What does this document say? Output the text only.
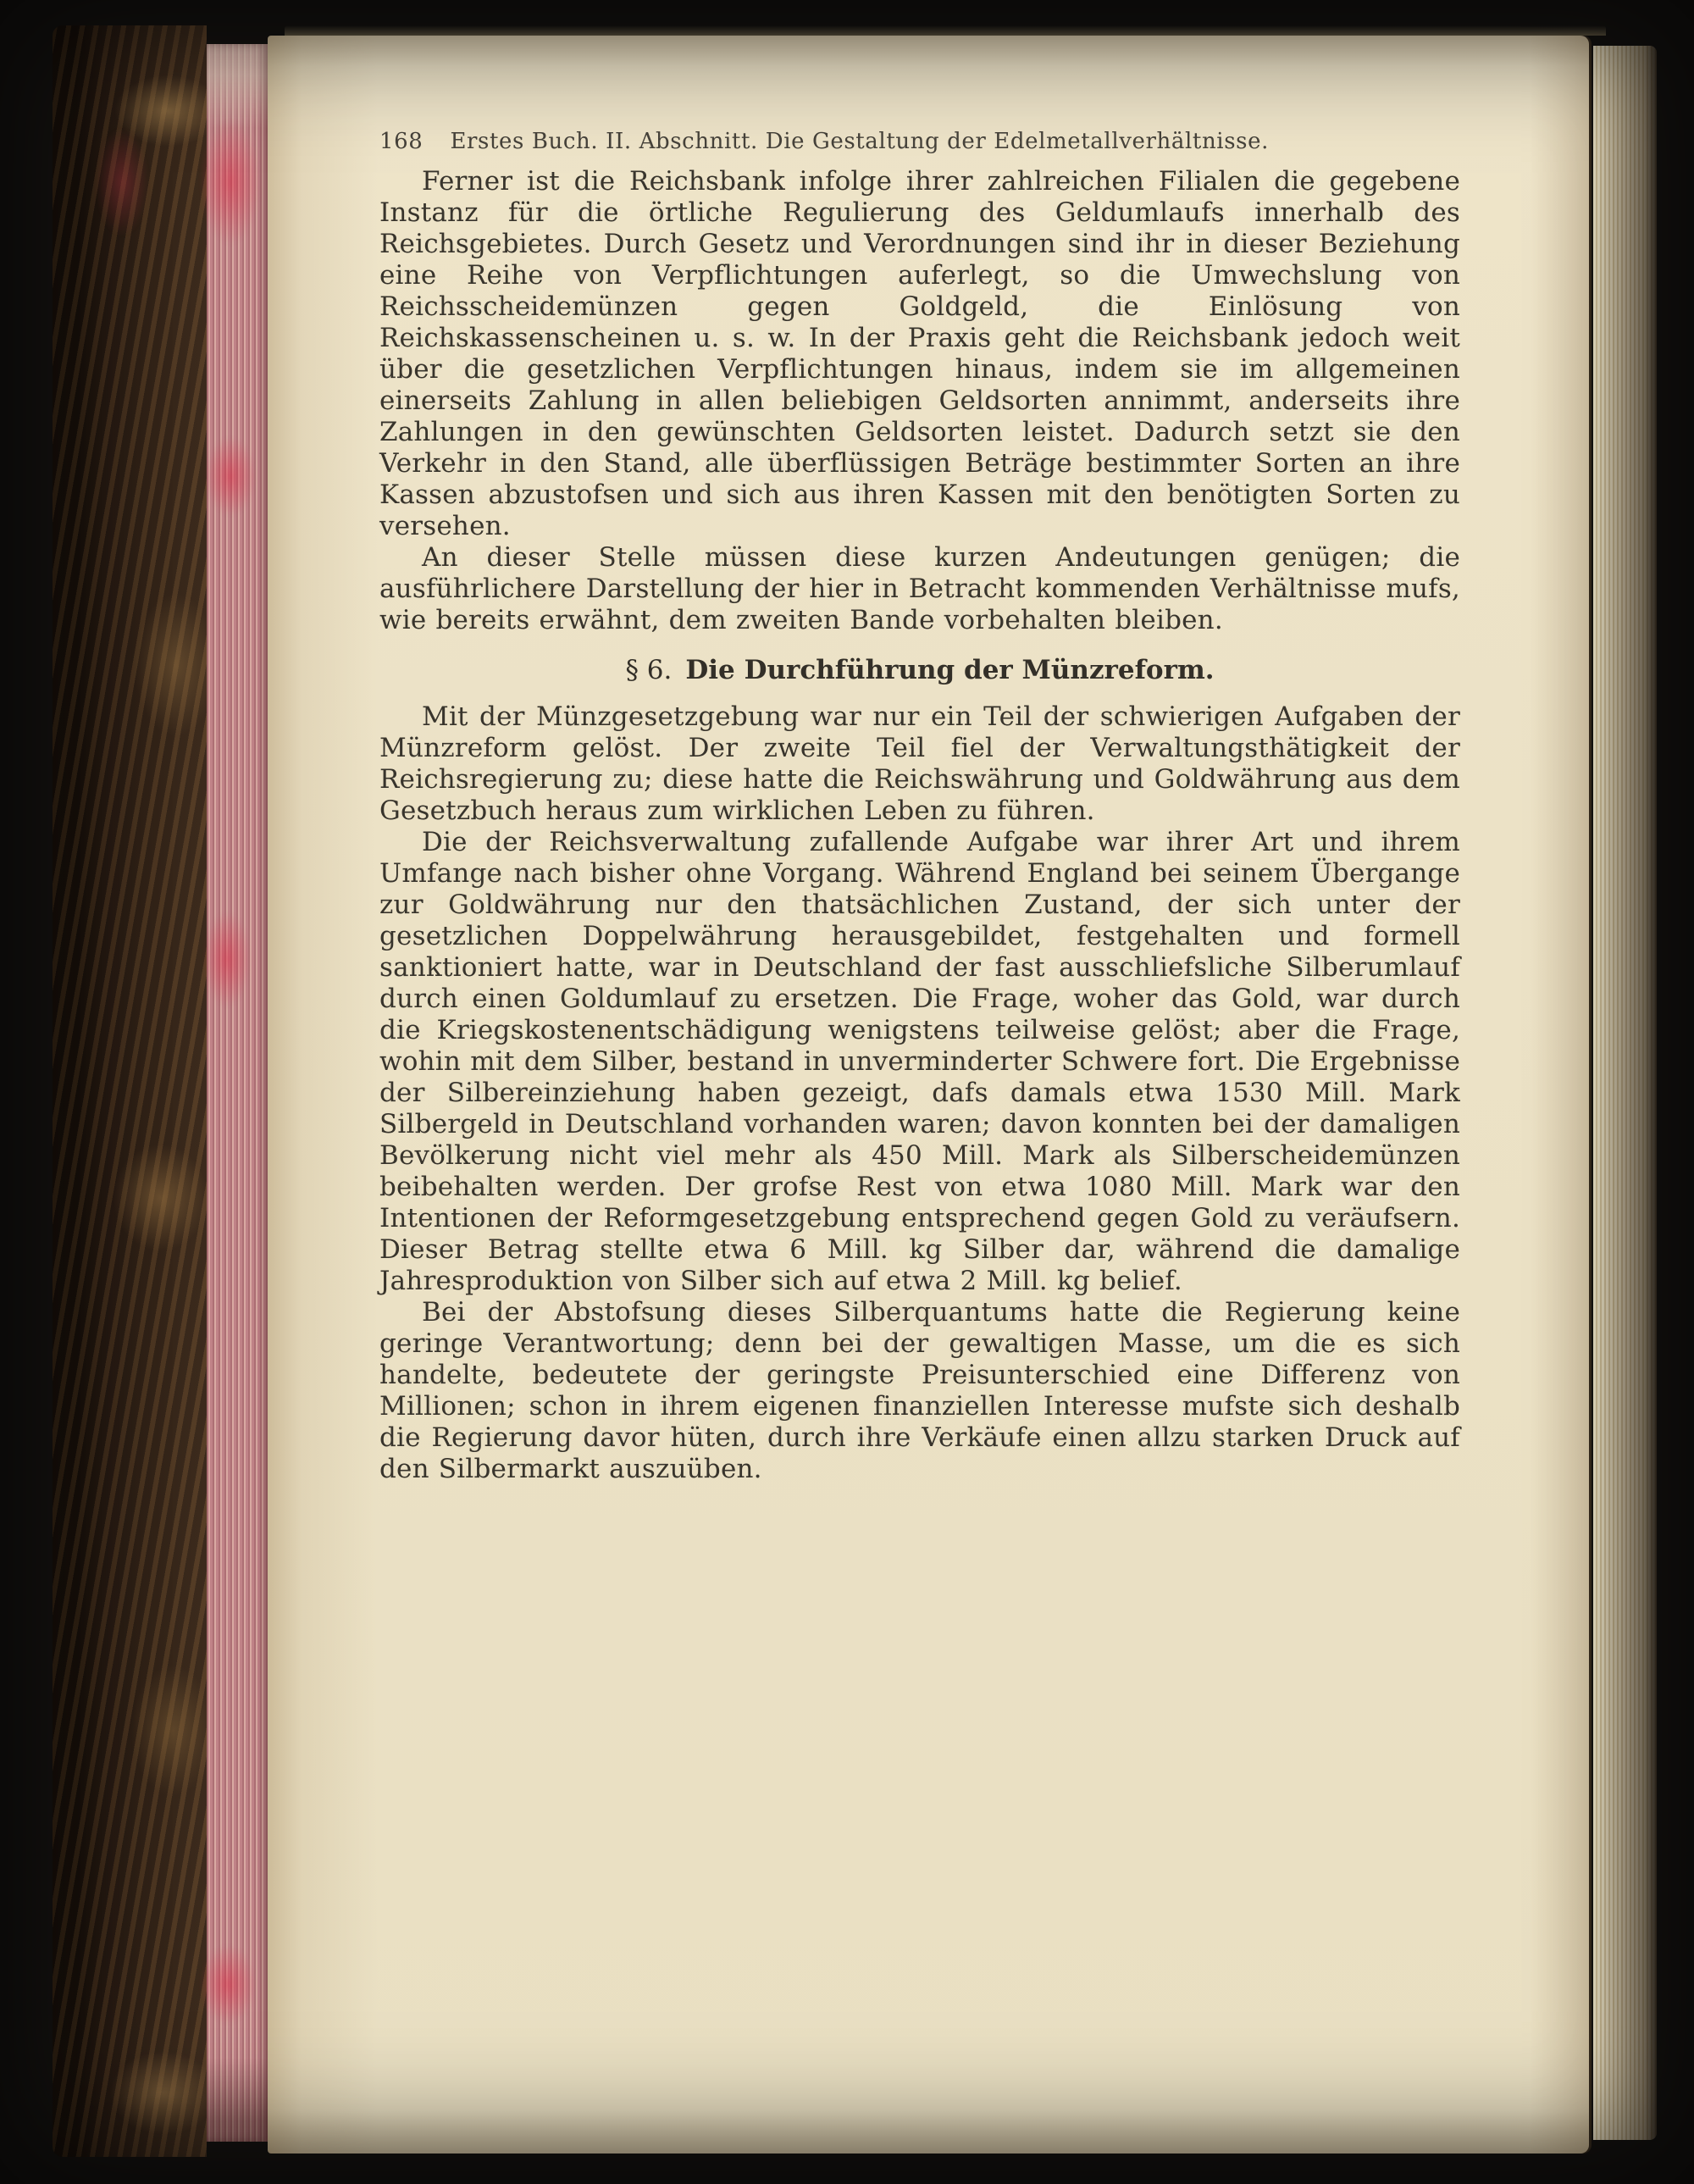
168 Erstes Buch. II. Abschnitt. Die Gestaltung der Edelmetallverhältnisse.

Ferner ist die Reichsbank infolge ihrer zahlreichen Filialen die gegebene Instanz für die örtliche Regulierung des Geldumlaufs innerhalb des Reichsgebietes. Durch Gesetz und Verordnungen sind ihr in dieser Beziehung eine Reihe von Verpflichtungen auferlegt, so die Umwechslung von Reichsscheidemünzen gegen Goldgeld, die Einlösung von Reichskassenscheinen u. s. w. In der Praxis geht die Reichsbank jedoch weit über die gesetzlichen Verpflichtungen hinaus, indem sie im allgemeinen einerseits Zahlung in allen beliebigen Geldsorten annimmt, anderseits ihre Zahlungen in den gewünschten Geldsorten leistet. Dadurch setzt sie den Verkehr in den Stand, alle überflüssigen Beträge bestimmter Sorten an ihre Kassen abzustofsen und sich aus ihren Kassen mit den benötigten Sorten zu versehen.

An dieser Stelle müssen diese kurzen Andeutungen genügen; die ausführlichere Darstellung der hier in Betracht kommenden Verhältnisse mufs, wie bereits erwähnt, dem zweiten Bande vorbehalten bleiben.

§ 6. Die Durchführung der Münzreform.

Mit der Münzgesetzgebung war nur ein Teil der schwierigen Aufgaben der Münzreform gelöst. Der zweite Teil fiel der Verwaltungsthätigkeit der Reichsregierung zu; diese hatte die Reichswährung und Goldwährung aus dem Gesetzbuch heraus zum wirklichen Leben zu führen.

Die der Reichsverwaltung zufallende Aufgabe war ihrer Art und ihrem Umfange nach bisher ohne Vorgang. Während England bei seinem Übergange zur Goldwährung nur den thatsächlichen Zustand, der sich unter der gesetzlichen Doppelwährung herausgebildet, festgehalten und formell sanktioniert hatte, war in Deutschland der fast ausschliefsliche Silberumlauf durch einen Goldumlauf zu ersetzen. Die Frage, woher das Gold, war durch die Kriegskostenentschädigung wenigstens teilweise gelöst; aber die Frage, wohin mit dem Silber, bestand in unverminderter Schwere fort. Die Ergebnisse der Silbereinziehung haben gezeigt, dafs damals etwa 1530 Mill. Mark Silbergeld in Deutschland vorhanden waren; davon konnten bei der damaligen Bevölkerung nicht viel mehr als 450 Mill. Mark als Silberscheidemünzen beibehalten werden. Der grofse Rest von etwa 1080 Mill. Mark war den Intentionen der Reformgesetzgebung entsprechend gegen Gold zu veräufsern. Dieser Betrag stellte etwa 6 Mill. kg Silber dar, während die damalige Jahresproduktion von Silber sich auf etwa 2 Mill. kg belief.

Bei der Abstofsung dieses Silberquantums hatte die Regierung keine geringe Verantwortung; denn bei der gewaltigen Masse, um die es sich handelte, bedeutete der geringste Preisunterschied eine Differenz von Millionen; schon in ihrem eigenen finanziellen Interesse mufste sich deshalb die Regierung davor hüten, durch ihre Verkäufe einen allzu starken Druck auf den Silbermarkt auszuüben.
